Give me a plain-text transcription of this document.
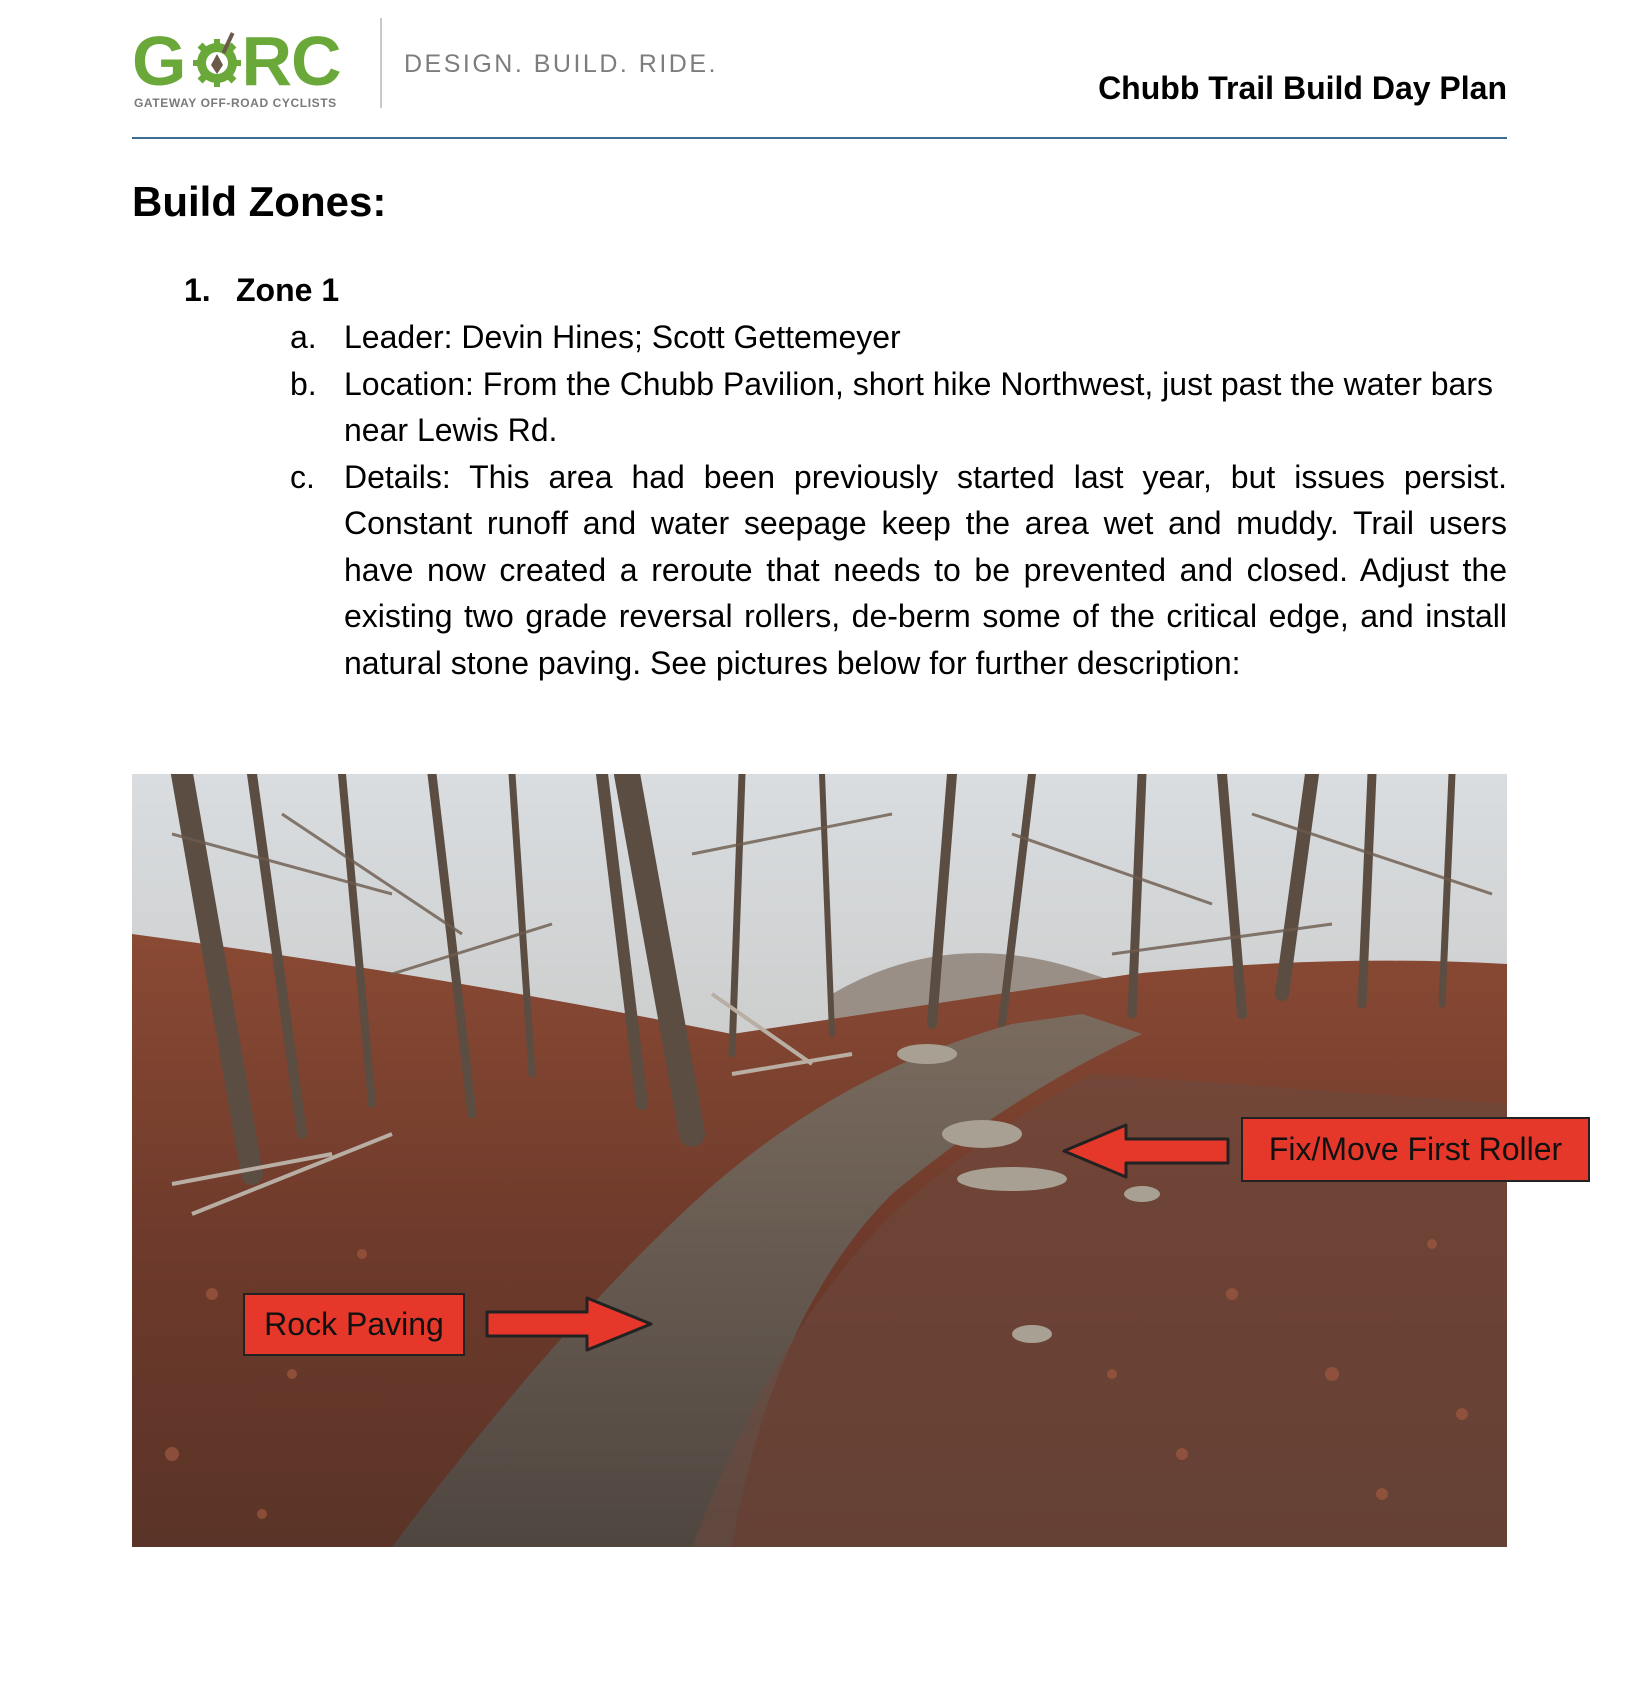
G RC
GATEWAY OFF-ROAD CYCLISTS
DESIGN. BUILD. RIDE.
Chubb Trail Build Day Plan
Build Zones:
1. Zone 1
a. Leader: Devin Hines; Scott Gettemeyer
b. Location: From the Chubb Pavilion, short hike Northwest, just past the water bars near Lewis Rd.
c. Details: This area had been previously started last year, but issues persist. Constant runoff and water seepage keep the area wet and muddy. Trail users have now created a reroute that needs to be prevented and closed. Adjust the existing two grade reversal rollers, de-berm some of the critical edge, and install natural stone paving. See pictures below for further description:
Rock Paving
Fix/Move First Roller
